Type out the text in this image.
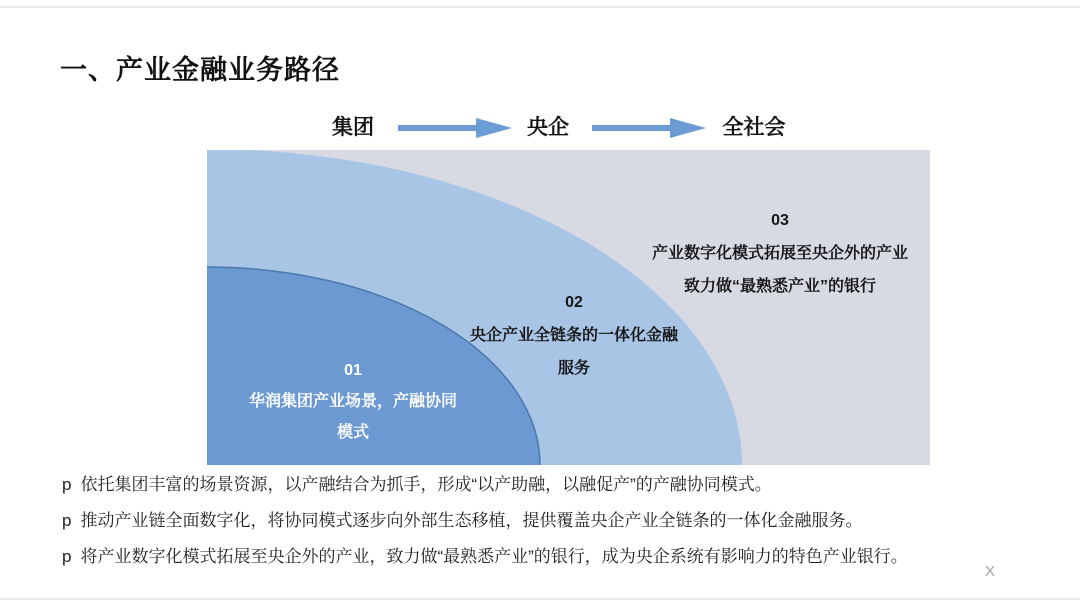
一、产业金融业务路径
集团	央企	全社会
03
产业数字化模式拓展至央企外的产业
致力做“最熟悉产业”的银行
02
央企产业全链条的一体化金融
服务
01
华润集团产业场景，产融协同
模式
p 依托集团丰富的场景资源，以产融结合为抓手，形成“以产助融，以融促产”的产融协同模式。
p 推动产业链全面数字化，将协同模式逐步向外部生态移植，提供覆盖央企产业全链条的一体化金融服务。
p 将产业数字化模式拓展至央企外的产业，致力做“最熟悉产业”的银行，成为央企系统有影响力的特色产业银行。
X
